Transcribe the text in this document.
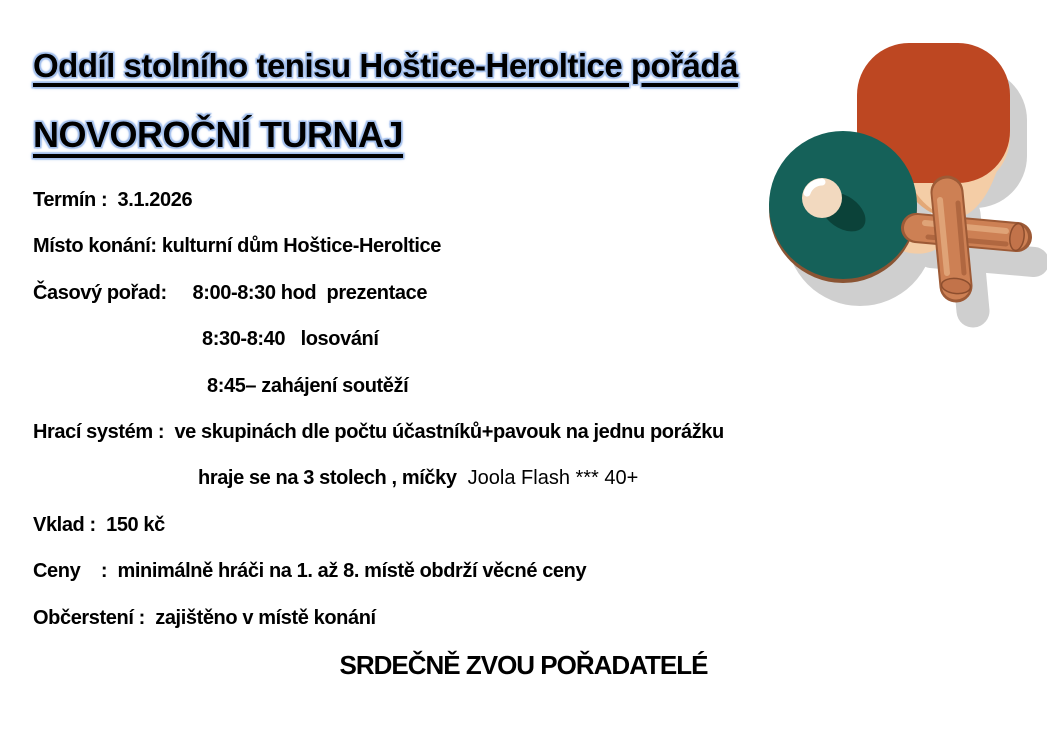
Oddíl stolního tenisu Hoštice-Heroltice pořádá
NOVOROČNÍ TURNAJ
Termín :  3.1.2026
Místo konání: kulturní dům Hoštice-Heroltice
Časový pořad:     8:00-8:30 hod  prezentace
8:30-8:40   losování
8:45– zahájení soutěží
Hrací systém :  ve skupinách dle počtu účastníků+pavouk na jednu porážku
hraje se na 3 stolech , míčky  Joola Flash *** 40+
Vklad :  150 kč
Ceny    :  minimálně hráči na 1. až 8. místě obdrží věcné ceny
Občerstení :  zajištěno v místě konání
SRDEČNĚ ZVOU POŘADATELÉ
